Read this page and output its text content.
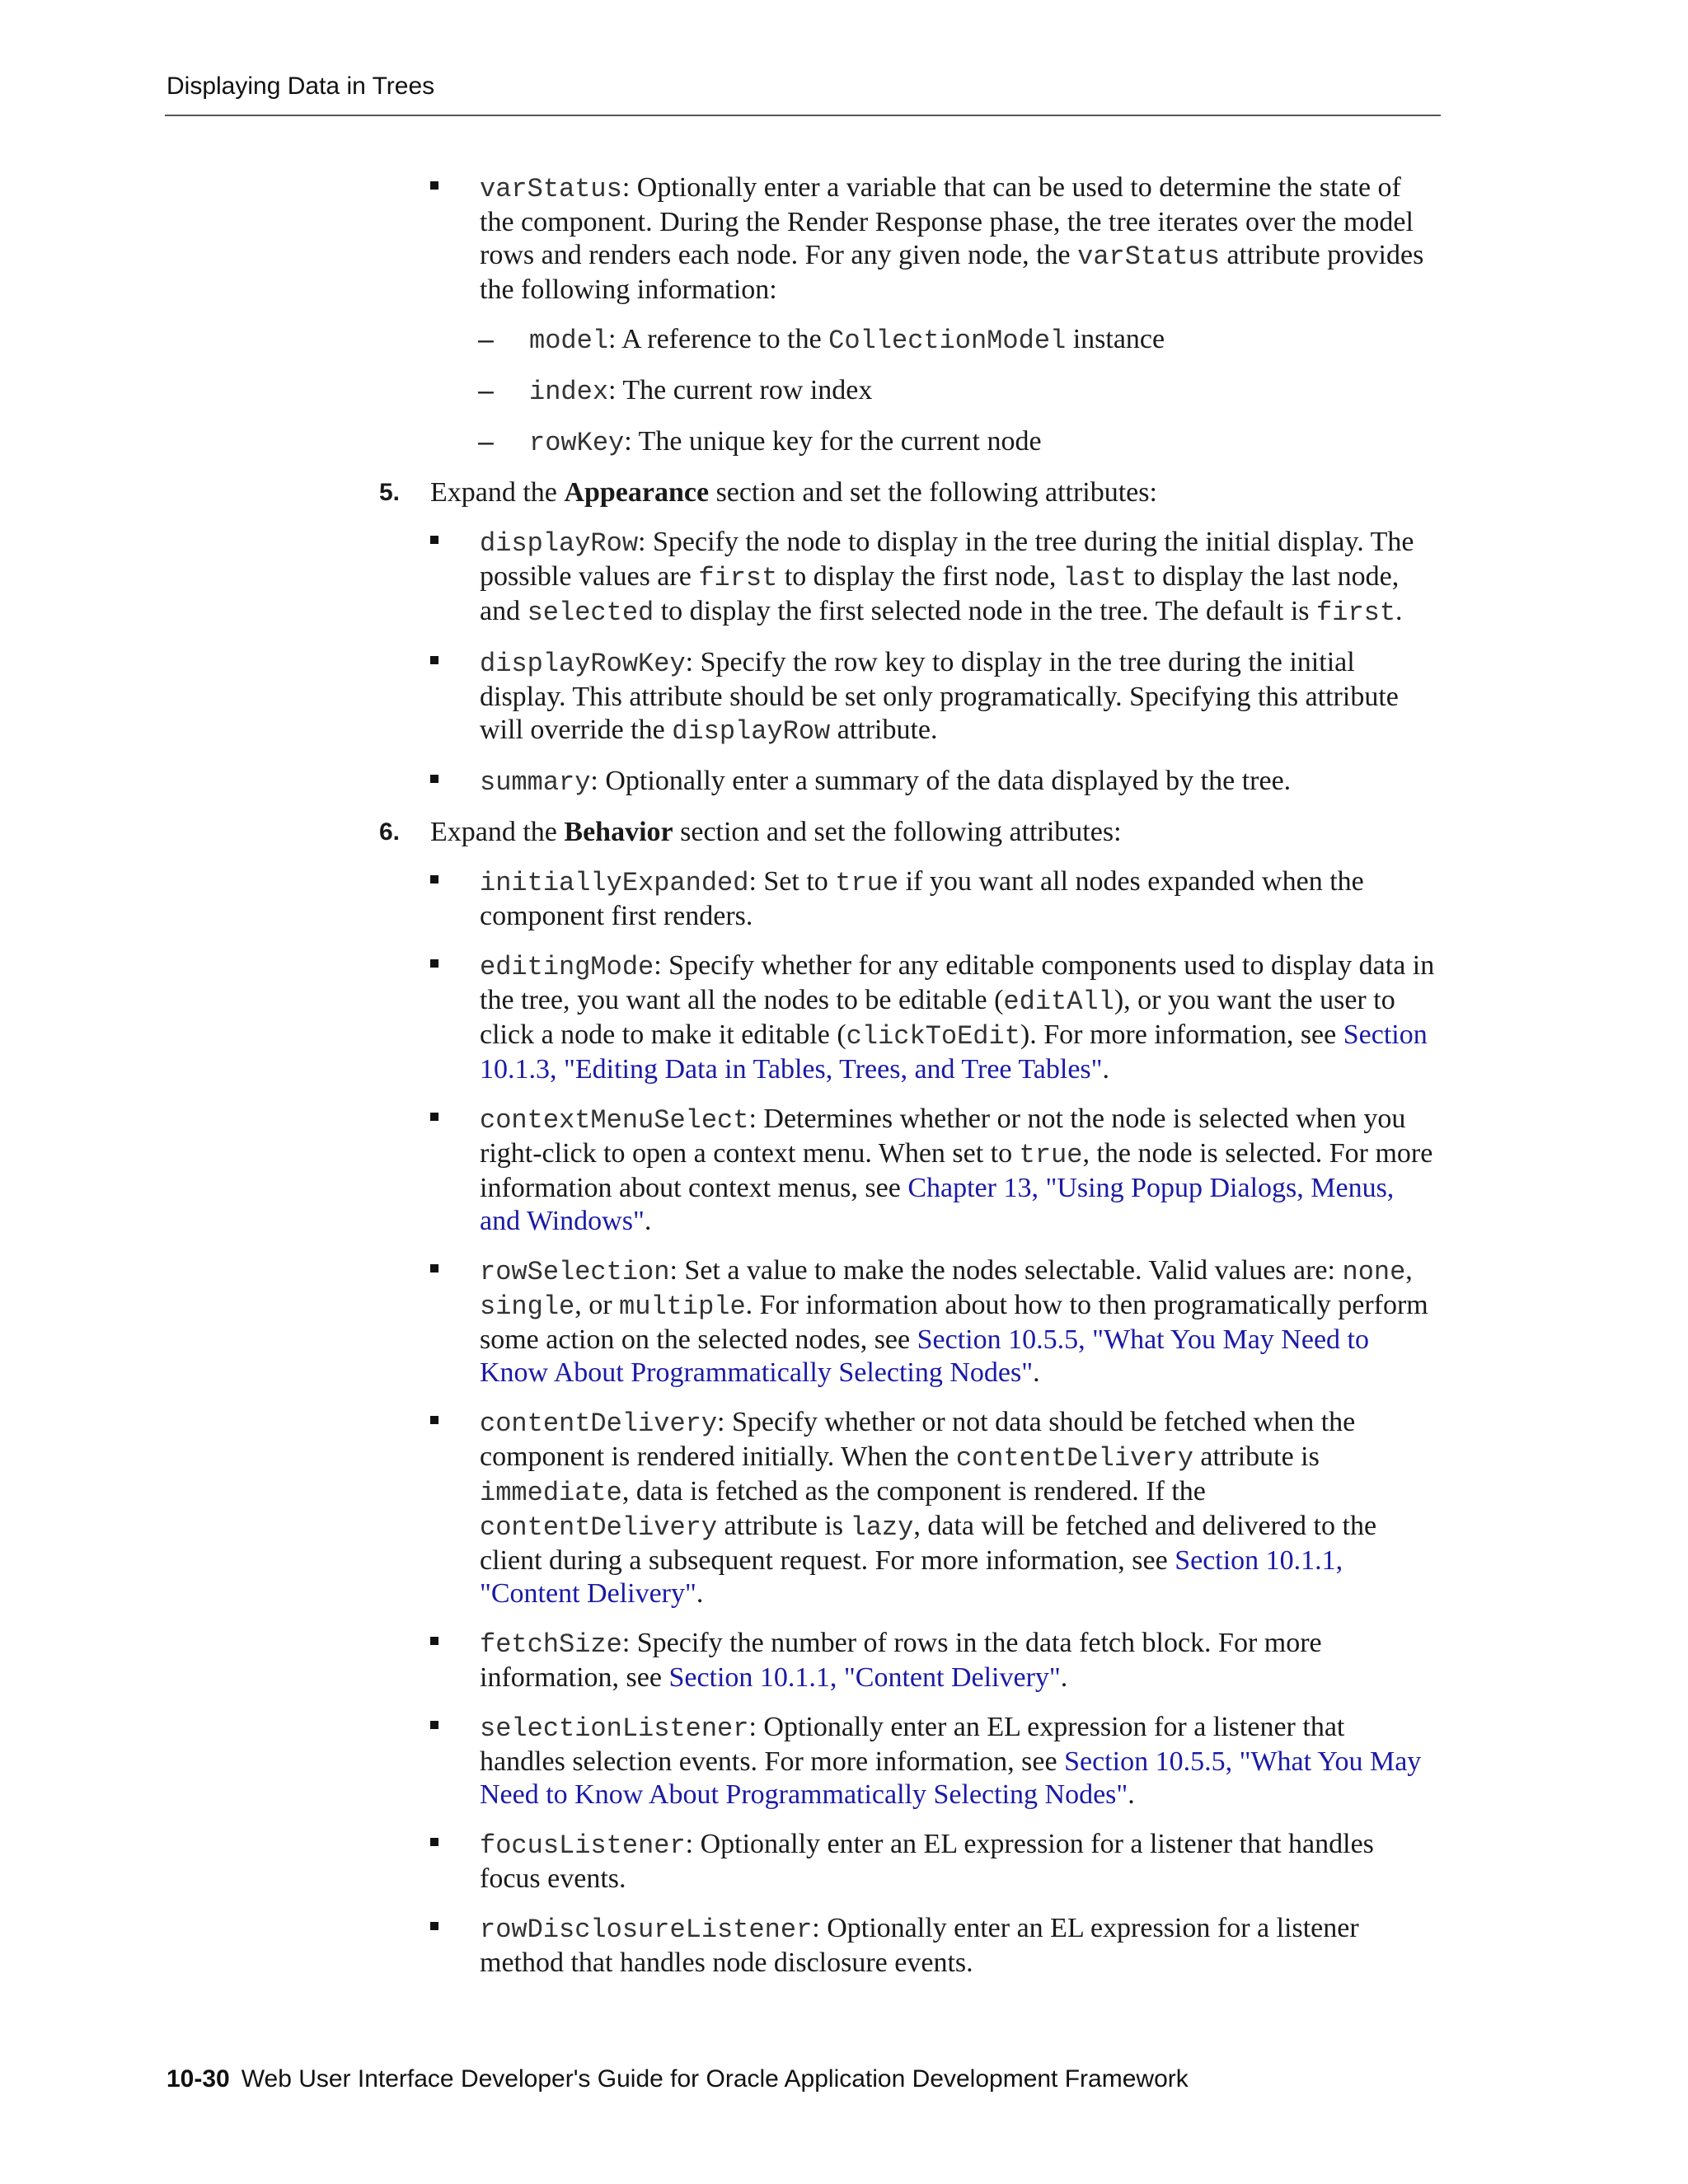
Displaying Data in Trees
varStatus: Optionally enter a variable that can be used to determine the state of the component. During the Render Response phase, the tree iterates over the model rows and renders each node. For any given node, the varStatus attribute provides the following information:
– model: A reference to the CollectionModel instance
– index: The current row index
– rowKey: The unique key for the current node
5. Expand the Appearance section and set the following attributes:
displayRow: Specify the node to display in the tree during the initial display. The possible values are first to display the first node, last to display the last node, and selected to display the first selected node in the tree. The default is first.
displayRowKey: Specify the row key to display in the tree during the initial display. This attribute should be set only programatically. Specifying this attribute will override the displayRow attribute.
summary: Optionally enter a summary of the data displayed by the tree.
6. Expand the Behavior section and set the following attributes:
initiallyExpanded: Set to true if you want all nodes expanded when the component first renders.
editingMode: Specify whether for any editable components used to display data in the tree, you want all the nodes to be editable (editAll), or you want the user to click a node to make it editable (clickToEdit). For more information, see Section 10.1.3, "Editing Data in Tables, Trees, and Tree Tables".
contextMenuSelect: Determines whether or not the node is selected when you right-click to open a context menu. When set to true, the node is selected. For more information about context menus, see Chapter 13, "Using Popup Dialogs, Menus, and Windows".
rowSelection: Set a value to make the nodes selectable. Valid values are: none, single, or multiple. For information about how to then programatically perform some action on the selected nodes, see Section 10.5.5, "What You May Need to Know About Programmatically Selecting Nodes".
contentDelivery: Specify whether or not data should be fetched when the component is rendered initially. When the contentDelivery attribute is immediate, data is fetched as the component is rendered. If the contentDelivery attribute is lazy, data will be fetched and delivered to the client during a subsequent request. For more information, see Section 10.1.1, "Content Delivery".
fetchSize: Specify the number of rows in the data fetch block. For more information, see Section 10.1.1, "Content Delivery".
selectionListener: Optionally enter an EL expression for a listener that handles selection events. For more information, see Section 10.5.5, "What You May Need to Know About Programmatically Selecting Nodes".
focusListener: Optionally enter an EL expression for a listener that handles focus events.
rowDisclosureListener: Optionally enter an EL expression for a listener method that handles node disclosure events.
10-30 Web User Interface Developer's Guide for Oracle Application Development Framework
